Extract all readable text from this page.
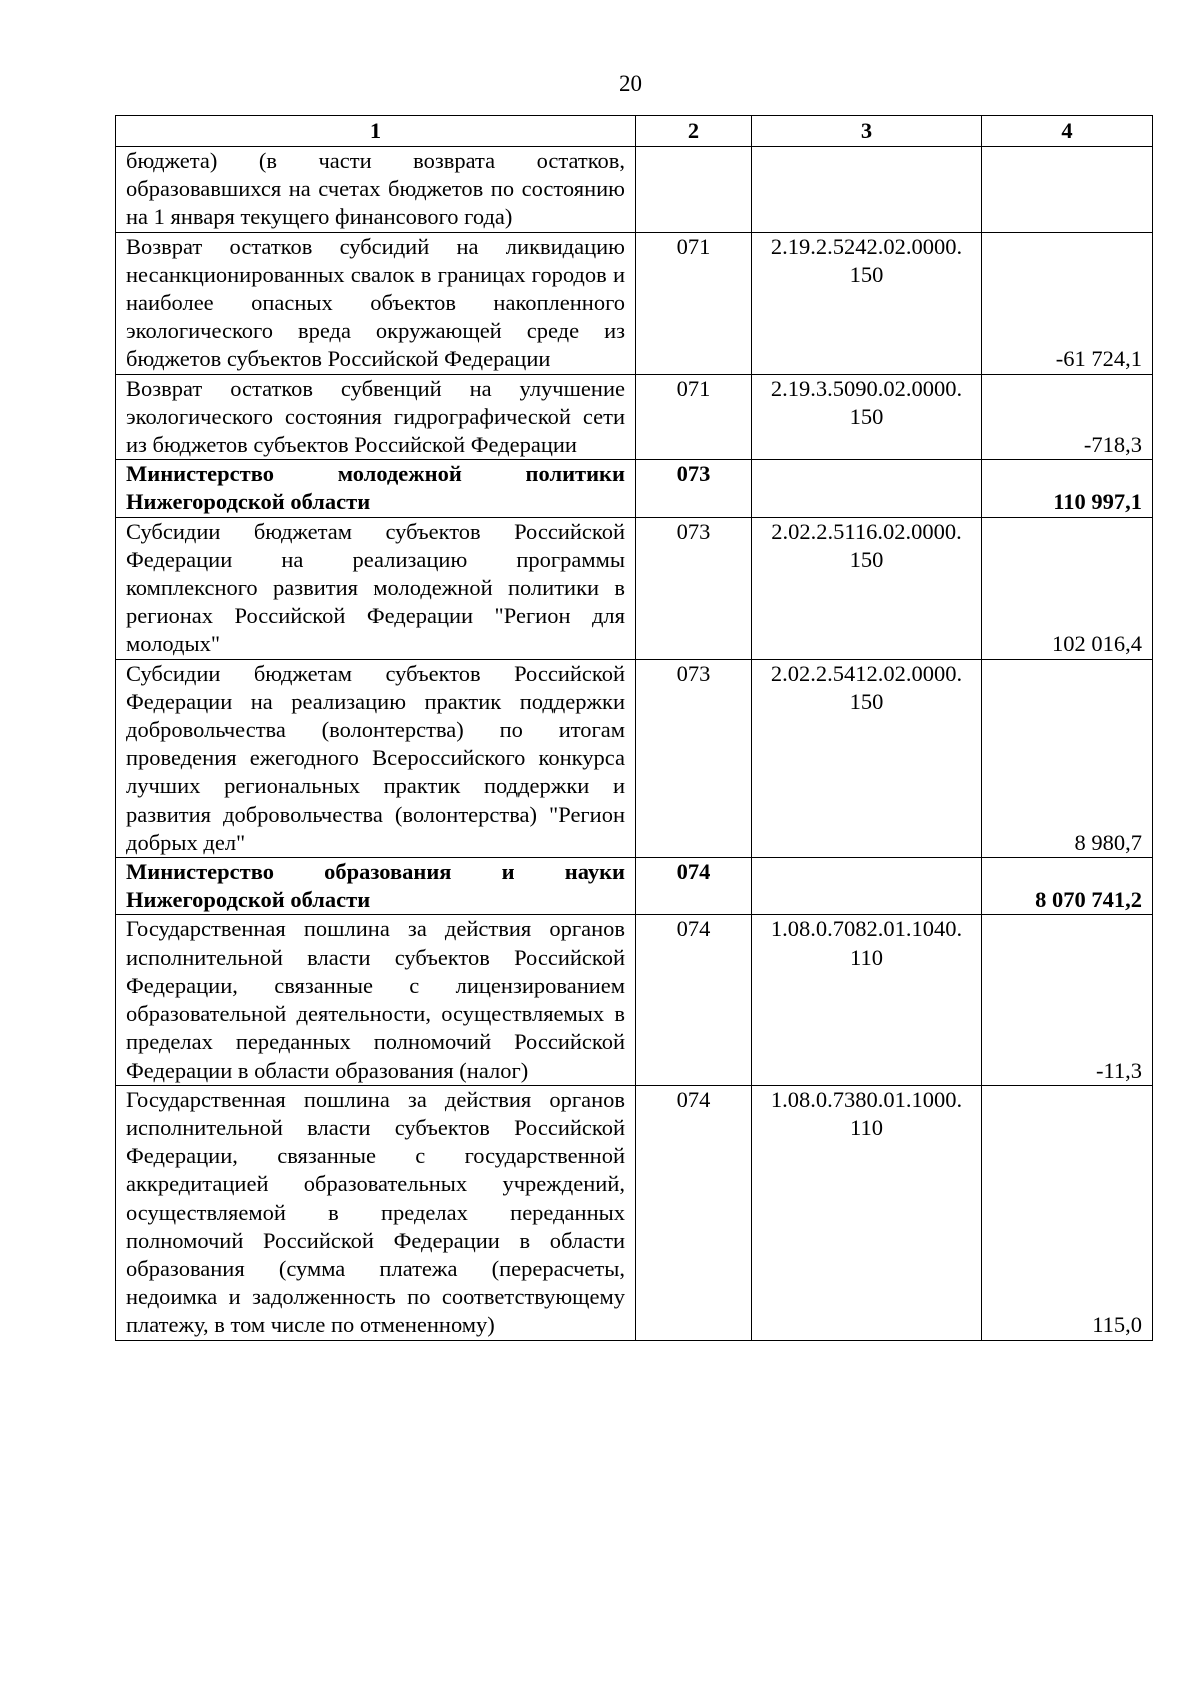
20
1	2	3	4
бюджета) (в части возврата остатков, образовавшихся на счетах бюджетов по состоянию на 1 января текущего финансового года)			
Возврат остатков субсидий на ликвидацию несанкционированных свалок в границах городов и наиболее опасных объектов накопленного экологического вреда окружающей среде из бюджетов субъектов Российской Федерации	071	2.19.2.5242.02.0000. 150	-61 724,1
Возврат остатков субвенций на улучшение экологического состояния гидрографической сети из бюджетов субъектов Российской Федерации	071	2.19.3.5090.02.0000. 150	-718,3
Министерство молодежной политики Нижегородской области	073		110 997,1
Субсидии бюджетам субъектов Российской Федерации на реализацию программы комплексного развития молодежной политики в регионах Российской Федерации "Регион для молодых"	073	2.02.2.5116.02.0000. 150	102 016,4
Субсидии бюджетам субъектов Российской Федерации на реализацию практик поддержки добровольчества (волонтерства) по итогам проведения ежегодного Всероссийского конкурса лучших региональных практик поддержки и развития добровольчества (волонтерства) "Регион добрых дел"	073	2.02.2.5412.02.0000. 150	8 980,7
Министерство образования и науки Нижегородской области	074		8 070 741,2
Государственная пошлина за действия органов исполнительной власти субъектов Российской Федерации, связанные с лицензированием образовательной деятельности, осуществляемых в пределах переданных полномочий Российской Федерации в области образования (налог)	074	1.08.0.7082.01.1040. 110	-11,3
Государственная пошлина за действия органов исполнительной власти субъектов Российской Федерации, связанные с государственной аккредитацией образовательных учреждений, осуществляемой в пределах переданных полномочий Российской Федерации в области образования (сумма платежа (перерасчеты, недоимка и задолженность по соответствующему платежу, в том числе по отмененному)	074	1.08.0.7380.01.1000. 110	115,0
